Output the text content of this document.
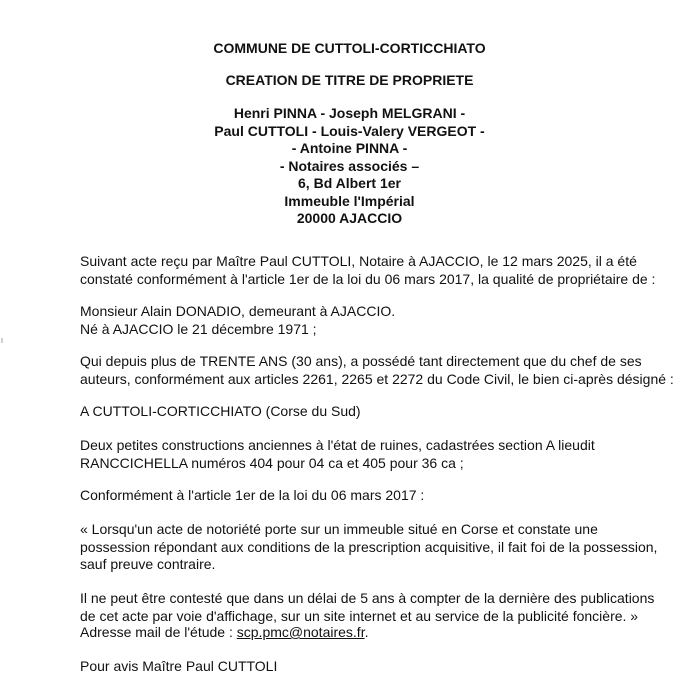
COMMUNE DE CUTTOLI-CORTICCHIATO
CREATION DE TITRE DE PROPRIETE
Henri PINNA - Joseph MELGRANI -
Paul CUTTOLI - Louis-Valery VERGEOT -
- Antoine PINNA -
- Notaires associés –
6, Bd Albert 1er
Immeuble l'Impérial
20000 AJACCIO
Suivant acte reçu par Maître Paul CUTTOLI, Notaire à AJACCIO, le 12 mars 2025, il a été
constaté conformément à l'article 1er de la loi du 06 mars 2017, la qualité de propriétaire de :
Monsieur Alain DONADIO, demeurant à AJACCIO.
Né à AJACCIO le 21 décembre 1971 ;
Qui depuis plus de TRENTE ANS (30 ans), a possédé tant directement que du chef de ses
auteurs, conformément aux articles 2261, 2265 et 2272 du Code Civil, le bien ci-après désigné :
A CUTTOLI-CORTICCHIATO (Corse du Sud)
Deux petites constructions anciennes à l'état de ruines, cadastrées section A lieudit
RANCCICHELLA numéros 404 pour 04 ca et 405 pour 36 ca ;
Conformément à l'article 1er de la loi du 06 mars 2017 :
« Lorsqu'un acte de notoriété porte sur un immeuble situé en Corse et constate une
possession répondant aux conditions de la prescription acquisitive, il fait foi de la possession,
sauf preuve contraire.
Il ne peut être contesté que dans un délai de 5 ans à compter de la dernière des publications
de cet acte par voie d'affichage, sur un site internet et au service de la publicité foncière. »
Adresse mail de l'étude : scp.pmc@notaires.fr.
Pour avis Maître Paul CUTTOLI
